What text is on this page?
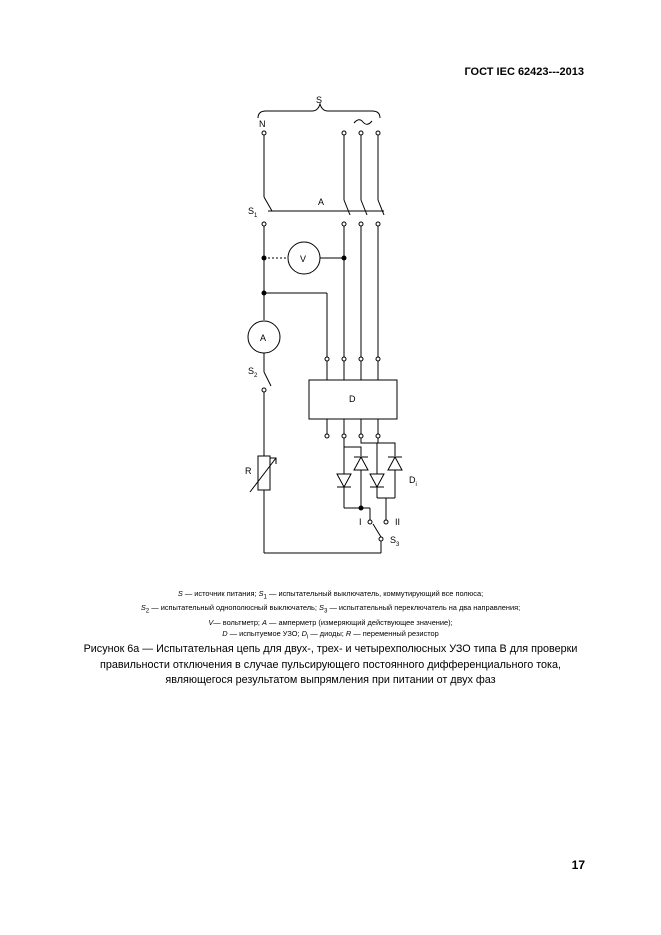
ГОСТ IEC 62423---2013
S
N
A
$S_1$
V
A
$S_2$
D
$D_i$
I	II
$S_3$
R
S — источник питания; $S_1$ — испытательный выключатель, коммутирующий все полюса;
$S_2$ — испытательный однополюсный выключатель; $S_3$ — испытательный переключатель на два направления;
V— вольтметр; A — амперметр (измеряющий действующее значение);
D — испытуемое УЗО; $D_i$ — диоды; R — переменный резистор
Рисунок 6а — Испытательная цепь для двух-, трех- и четырехполюсных УЗО типа В для проверки
правильности отключения в случае пульсирующего постоянного дифференциального тока,
являющегося результатом выпрямления при питании от двух фаз
17
